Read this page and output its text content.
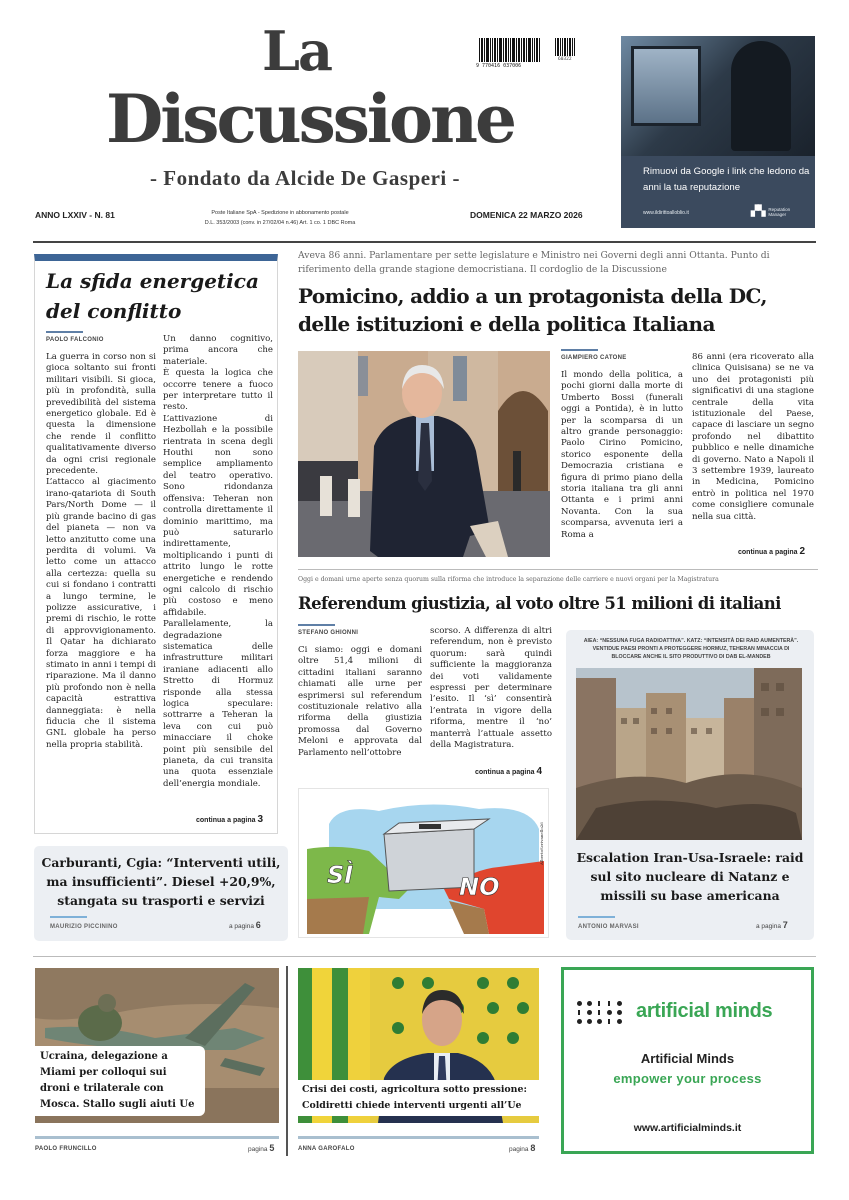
La
Discussione
- Fondato da Alcide De Gasperi -
9 770416 037006
60322
ANNO LXXIV - N. 81	Poste Italiane SpA - Spedizione in abbonamento postale
D.L. 353/2003 (conv. in 27/02/04 n.46) Art. 1 co. 1 DBC Roma
DOMENICA 22 MARZO 2026
Rimuovi da Google i link che ledono da anni la tua reputazione
www.ildirittoalloblio.it	▞▚ Reputation
Manager
La sfida energetica del conflitto
PAOLO FALCONIO

La guerra in corso non si gioca soltanto sui fronti militari visibili. Si gioca, più in profondità, sulla prevedibilità del sistema energetico globale. Ed è questa la dimensione che rende il conflitto qualitativamente diverso da ogni crisi regionale precedente.

L’attacco al giacimento irano-qatariota di South Pars/North Dome — il più grande bacino di gas del pianeta — non va letto anzitutto come una perdita di volumi. Va letto come un attacco alla certezza: quella su cui si fondano i contratti a lungo termine, le polizze assicurative, i premi di rischio, le rotte di approvvigionamento. Il Qatar ha dichiarato forza maggiore e ha stimato in anni i tempi di riparazione. Ma il danno più profondo non è nella capacità estrattiva danneggiata: è nella fiducia che il sistema GNL globale ha perso nella propria stabilità.

Un danno cognitivo, prima ancora che materiale.

È questa la logica che occorre tenere a fuoco per interpretare tutto il resto.

L’attivazione di Hezbollah e la possibile rientrata in scena degli Houthi non sono semplice ampliamento del teatro operativo. Sono ridondanza offensiva: Teheran non controlla direttamente il dominio marittimo, ma può saturarlo indirettamente, moltiplicando i punti di attrito lungo le rotte energetiche e rendendo ogni calcolo di rischio più costoso e meno affidabile. Parallelamente, la degradazione sistematica delle infrastrutture militari iraniane adiacenti allo Stretto di Hormuz risponde alla stessa logica speculare: sottrarre a Teheran la leva con cui può minacciare il choke point più sensibile del pianeta, da cui transita una quota essenziale dell’energia mondiale.

continua a pagina 3
Aveva 86 anni. Parlamentare per sette legislature e Ministro nei Governi degli anni Ottanta. Punto di riferimento della grande stagione democristiana. Il cordoglio de la Discussione
Pomicino, addio a un protagonista della DC, delle istituzioni e della politica Italiana
GIAMPIERO CATONE
Il mondo della politica, a pochi giorni dalla morte di Umberto Bossi (funerali oggi a Pontida), è in lutto per la scomparsa di un altro grande personaggio: Paolo Cirino Pomicino, storico esponente della Democrazia cristiana e figura di primo piano della storia italiana tra gli anni Ottanta e i primi anni Novanta. Con la sua scomparsa, avvenuta ieri a Roma a
86 anni (era ricoverato alla clinica Quisisana) se ne va uno dei protagonisti più significativi di una stagione centrale della vita istituzionale del Paese, capace di lasciare un segno profondo nel dibattito pubblico e nelle dinamiche di governo. Nato a Napoli il 3 settembre 1939, laureato in Medicina, Pomicino entrò in politica nel 1970 come consigliere comunale nella sua città.
continua a pagina 2
Oggi e domani urne aperte senza quorum sulla riforma che introduce la separazione delle carriere e nuovi organi per la Magistratura
Referendum giustizia, al voto oltre 51 milioni di italiani
STEFANO GHIONNI
Ci siamo: oggi e domani oltre 51,4 milioni di cittadini italiani saranno chiamati alle urne per esprimersi sul referendum costituzionale relativo alla riforma della giustizia promossa dal Governo Meloni e approvata dal Parlamento nell’ottobre
scorso. A differenza di altri referendum, non è previsto quorum: sarà quindi sufficiente la maggioranza dei voti validamente espressi per determinare l’esito. Il ‘sì’ consentirà l’entrata in vigore della riforma, mentre il ‘no’ manterrà l’attuale assetto della Magistratura.
continua a pagina 4
SÌ	NO
AlbertoScrivanello26
AIEA: “NESSUNA FUGA RADIOATTIVA”. KATZ: “INTENSITÀ DEI RAID AUMENTERÀ”. VENTIDUE PAESI PRONTI A PROTEGGERE HORMUZ, TEHERAN MINACCIA DI BLOCCARE ANCHE IL SITO PRODUTTIVO DI DAB EL-MANDEB
Escalation Iran-Usa-Israele: raid sul sito nucleare di Natanz e missili su base americana
ANTONIO MARVASI	a pagina 7
Carburanti, Cgia: “Interventi utili, ma insufficienti”. Diesel +20,9%, stangata su trasporti e servizi
MAURIZIO PICCININO	a pagina 6
Ucraina, delegazione a Miami per colloqui sui droni e trilaterale con Mosca. Stallo sugli aiuti Ue
PAOLO FRUNCILLO	pagina 5
Crisi dei costi, agricoltura sotto pressione: Coldiretti chiede interventi urgenti all’Ue
ANNA GAROFALO	pagina 8
artificial minds
Artificial Minds
empower your process
www.artificialminds.it
